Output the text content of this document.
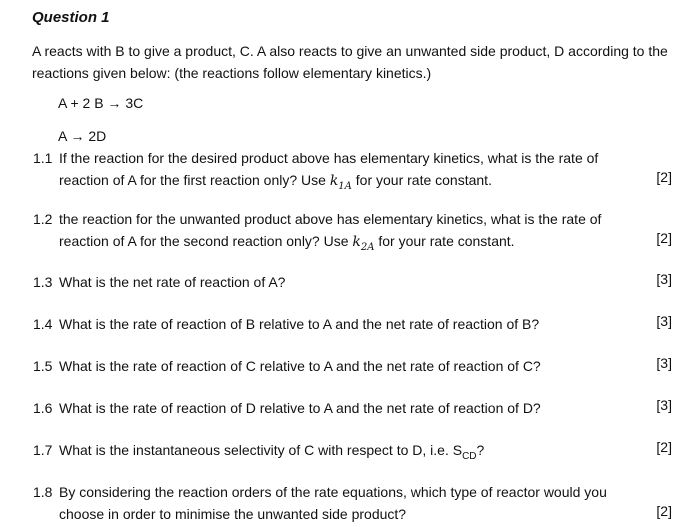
Question 1
A reacts with B to give a product, C. A also reacts to give an unwanted side product, D according to the reactions given below: (the reactions follow elementary kinetics.)
A + 2 B → 3C
A → 2D
1.1 If the reaction for the desired product above has elementary kinetics, what is the rate of reaction of A for the first reaction only? Use $k_{1A}$ for your rate constant.	[2]
1.2 the reaction for the unwanted product above has elementary kinetics, what is the rate of reaction of A for the second reaction only? Use $k_{2A}$ for your rate constant.	[2]
1.3 What is the net rate of reaction of A?	[3]
1.4 What is the rate of reaction of B relative to A and the net rate of reaction of B?	[3]
1.5 What is the rate of reaction of C relative to A and the net rate of reaction of C?	[3]
1.6 What is the rate of reaction of D relative to A and the net rate of reaction of D?	[3]
1.7 What is the instantaneous selectivity of C with respect to D, i.e. $S_{CD}$?	[2]
1.8 By considering the reaction orders of the rate equations, which type of reactor would you choose in order to minimise the unwanted side product?	[2]
